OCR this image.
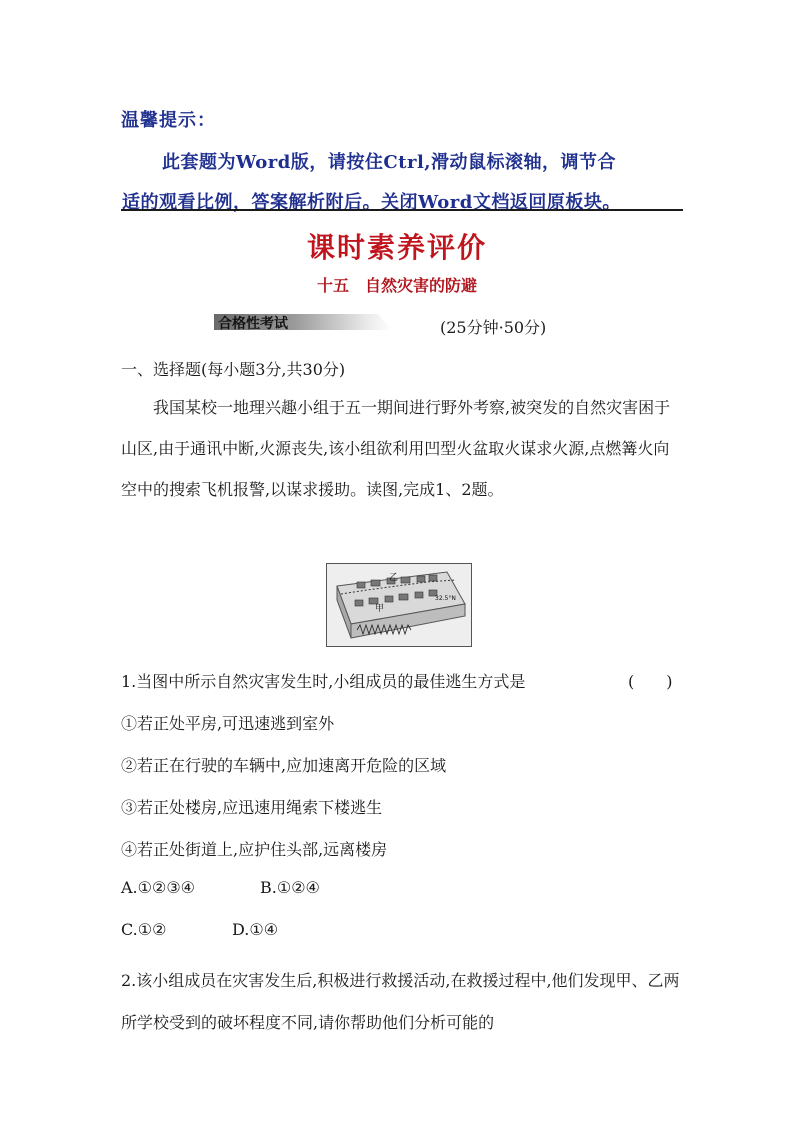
温馨提示：
此套题为Word版，请按住Ctrl,滑动鼠标滚轴，调节合
适的观看比例，答案解析附后。关闭Word文档返回原板块。
课时素养评价
十五　自然灾害的防避
合格性考试	(25分钟·50分)
一、选择题(每小题3分,共30分)
我国某校一地理兴趣小组于五一期间进行野外考察,被突发的自然灾害困于山区,由于通讯中断,火源丧失,该小组欲利用凹型火盆取火谋求火源,点燃篝火向空中的搜索飞机报警,以谋求援助。读图,完成1、2题。
乙
甲
32.5°N
1.当图中所示自然灾害发生时,小组成员的最佳逃生方式是	(　　)
①若正处平房,可迅速逃到室外
②若正在行驶的车辆中,应加速离开危险的区域
③若正处楼房,应迅速用绳索下楼逃生
④若正处街道上,应护住头部,远离楼房
A.①②③④	B.①②④
C.①②	D.①④
2.该小组成员在灾害发生后,积极进行救援活动,在救援过程中,他们发现甲、乙两所学校受到的破坏程度不同,请你帮助他们分析可能的
